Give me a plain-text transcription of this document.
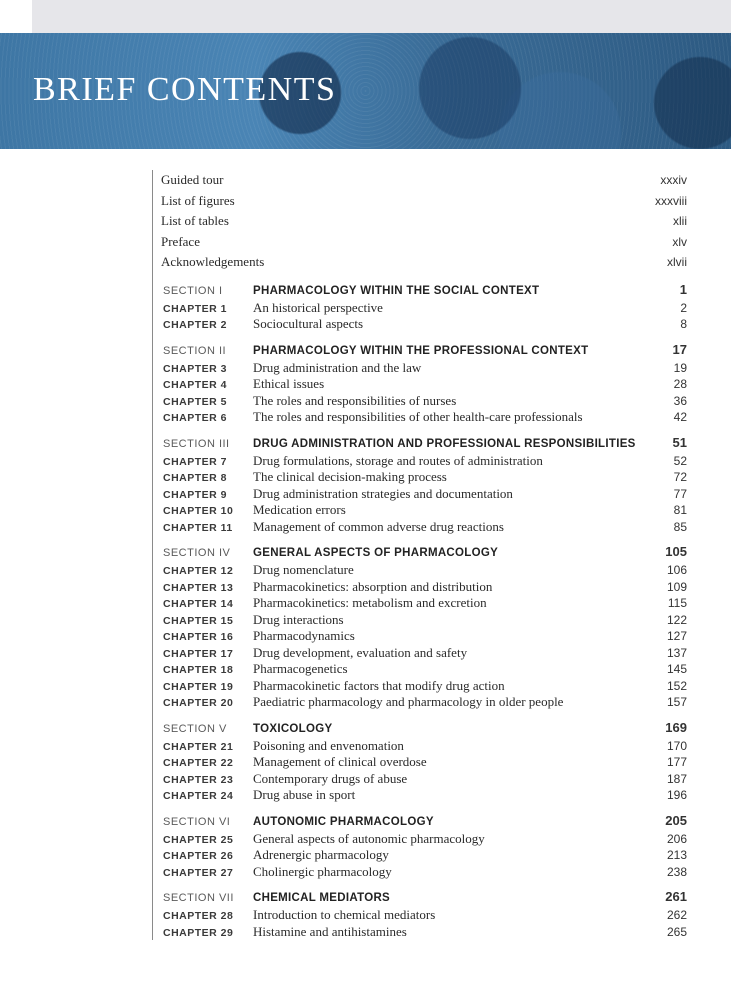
BRIEF CONTENTS
Guided tour	xxxiv
List of figures	xxxviii
List of tables	xlii
Preface	xlv
Acknowledgements	xlvii
SECTION I	PHARMACOLOGY WITHIN THE SOCIAL CONTEXT	1
CHAPTER 1	An historical perspective	2
CHAPTER 2	Sociocultural aspects	8
SECTION II	PHARMACOLOGY WITHIN THE PROFESSIONAL CONTEXT	17
CHAPTER 3	Drug administration and the law	19
CHAPTER 4	Ethical issues	28
CHAPTER 5	The roles and responsibilities of nurses	36
CHAPTER 6	The roles and responsibilities of other health-care professionals	42
SECTION III	DRUG ADMINISTRATION AND PROFESSIONAL RESPONSIBILITIES	51
CHAPTER 7	Drug formulations, storage and routes of administration	52
CHAPTER 8	The clinical decision-making process	72
CHAPTER 9	Drug administration strategies and documentation	77
CHAPTER 10	Medication errors	81
CHAPTER 11	Management of common adverse drug reactions	85
SECTION IV	GENERAL ASPECTS OF PHARMACOLOGY	105
CHAPTER 12	Drug nomenclature	106
CHAPTER 13	Pharmacokinetics: absorption and distribution	109
CHAPTER 14	Pharmacokinetics: metabolism and excretion	115
CHAPTER 15	Drug interactions	122
CHAPTER 16	Pharmacodynamics	127
CHAPTER 17	Drug development, evaluation and safety	137
CHAPTER 18	Pharmacogenetics	145
CHAPTER 19	Pharmacokinetic factors that modify drug action	152
CHAPTER 20	Paediatric pharmacology and pharmacology in older people	157
SECTION V	TOXICOLOGY	169
CHAPTER 21	Poisoning and envenomation	170
CHAPTER 22	Management of clinical overdose	177
CHAPTER 23	Contemporary drugs of abuse	187
CHAPTER 24	Drug abuse in sport	196
SECTION VI	AUTONOMIC PHARMACOLOGY	205
CHAPTER 25	General aspects of autonomic pharmacology	206
CHAPTER 26	Adrenergic pharmacology	213
CHAPTER 27	Cholinergic pharmacology	238
SECTION VII	CHEMICAL MEDIATORS	261
CHAPTER 28	Introduction to chemical mediators	262
CHAPTER 29	Histamine and antihistamines	265
